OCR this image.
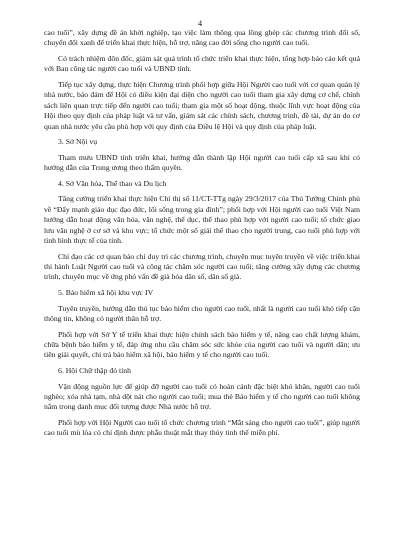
4

cao tuổi”, xây dựng đề án khởi nghiệp, tạo việc làm thông qua lồng ghép các chương trình đổi số, chuyển đổi xanh để triển khai thực hiện, hỗ trợ, nâng cao đời sống cho người cao tuổi.

Có trách nhiệm đôn đốc, giám sát quá trình tổ chức triển khai thực hiện, tổng hợp báo cáo kết quả với Ban công tác người cao tuổi và UBND tỉnh.

Tiếp tục xây dựng, thực hiện Chương trình phối hợp giữa Hội Người cao tuổi với cơ quan quản lý nhà nước, bảo đảm để Hội có điều kiện đại diện cho người cao tuổi tham gia xây dựng cơ chế, chính sách liên quan trực tiếp đến người cao tuổi; tham gia một số hoạt động, thuộc lĩnh vực hoạt động của Hội theo quy định của pháp luật và tư vấn, giám sát các chính sách, chương trình, đề tài, dự án do cơ quan nhà nước yêu cầu phù hợp với quy định của Điều lệ Hội và quy định của pháp luật.

3. Sở Nội vụ

Tham mưu UBND tỉnh triển khai, hướng dẫn thành lập Hội người cao tuổi cấp xã sau khi có hướng dẫn của Trung ương theo thẩm quyền.

4. Sở Văn hóa, Thể thao và Du lịch

Tăng cường triển khai thực hiện Chỉ thị số 11/CT-TTg ngày 29/3/2017 của Thủ Tướng Chính phủ về “Đẩy mạnh giáo dục đạo đức, lối sống trong gia đình”; phối hợp với Hội người cao tuổi Việt Nam hướng dẫn hoạt động văn hóa, văn nghệ, thể dục, thể thao phù hợp với người cao tuổi; tổ chức giao lưu văn nghệ ở cơ sở và khu vực; tổ chức một số giải thể thao cho người trung, cao tuổi phù hợp với tình hình thực tế của tỉnh.

Chỉ đạo các cơ quan báo chí duy trì các chương trình, chuyên mục tuyên truyền về việc triển khai thi hành Luật Người cao tuổi và công tác chăm sóc người cao tuổi; tăng cường xây dựng các chương trình, chuyên mục về ứng phó vấn đề già hóa dân số, dân số già.

5. Bảo hiểm xã hội khu vực IV

Tuyên truyền, hướng dẫn thủ tục bảo hiểm cho người cao tuổi, nhất là người cao tuổi khó tiếp cận thông tin, không có người thân hỗ trợ.

Phối hợp với Sở Y tế triển khai thực hiện chính sách bảo hiểm y tế, nâng cao chất lượng khám, chữa bệnh bảo hiểm y tế, đáp ứng nhu cầu chăm sóc sức khỏe của người cao tuổi và người dân; ưu tiên giải quyết, chi trả bảo hiểm xã hội, bảo hiểm y tế cho người cao tuổi.

6. Hội Chữ thập đỏ tỉnh

Vận động nguồn lực để giúp đỡ người cao tuổi có hoàn cảnh đặc biệt khó khăn, người cao tuổi nghèo; xóa nhà tạm, nhà dột nát cho người cao tuổi; mua thẻ Bảo hiểm y tế cho người cao tuổi không nằm trong danh mục đối tượng được Nhà nước hỗ trợ.

Phối hợp với Hội Người cao tuổi tổ chức chương trình “Mắt sáng cho người cao tuổi”, giúp người cao tuổi mù lòa có chỉ định được phẫu thuật mắt thay thủy tinh thể miễn phí.
